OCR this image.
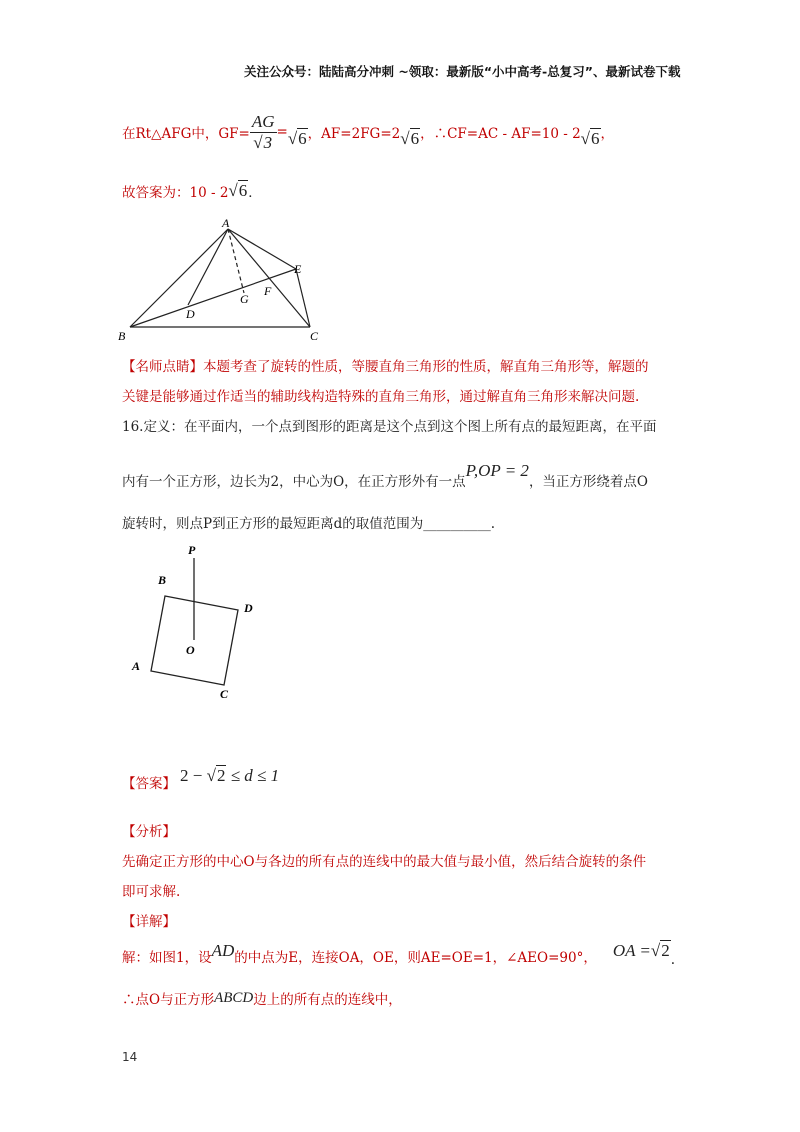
关注公众号：陆陆高分冲刺 ~领取：最新版“小中高考-总复习”、最新试卷下载
在Rt△AFG中，$GF= \frac{AG}{√3} = √6$ ，AF=2FG=2 √6 ，∴CF=AC - AF=10 - 2 √6 ，
故答案为：10 - 2 √6 ．
A
E
G
F
D
B	C
【名师点睛】本题考查了旋转的性质，等腰直角三角形的性质，解直角三角形等，解题的
关键是能够通过作适当的辅助线构造特殊的直角三角形，通过解直角三角形来解决问题.
16.定义：在平面内，一个点到图形的距离是这个点到这个图上所有点的最短距离，在平面
内有一个正方形，边长为2，中心为O，在正方形外有一点P,OP = 2，当正方形绕着点O
旋转时，则点P到正方形的最短距离d的取值范围为__________.
P
B
D
O
A
C
【答案】 2 − √2 ≤ d ≤ 1
【分析】
先确定正方形的中心O与各边的所有点的连线中的最大值与最小值，然后结合旋转的条件
即可求解.
【详解】
解：如图1，设 AD 的中点为E，连接OA，OE，则AE=OE=1，∠AEO=90°， OA = √2 .
∴点O与正方形 ABCD 边上的所有点的连线中，
14
